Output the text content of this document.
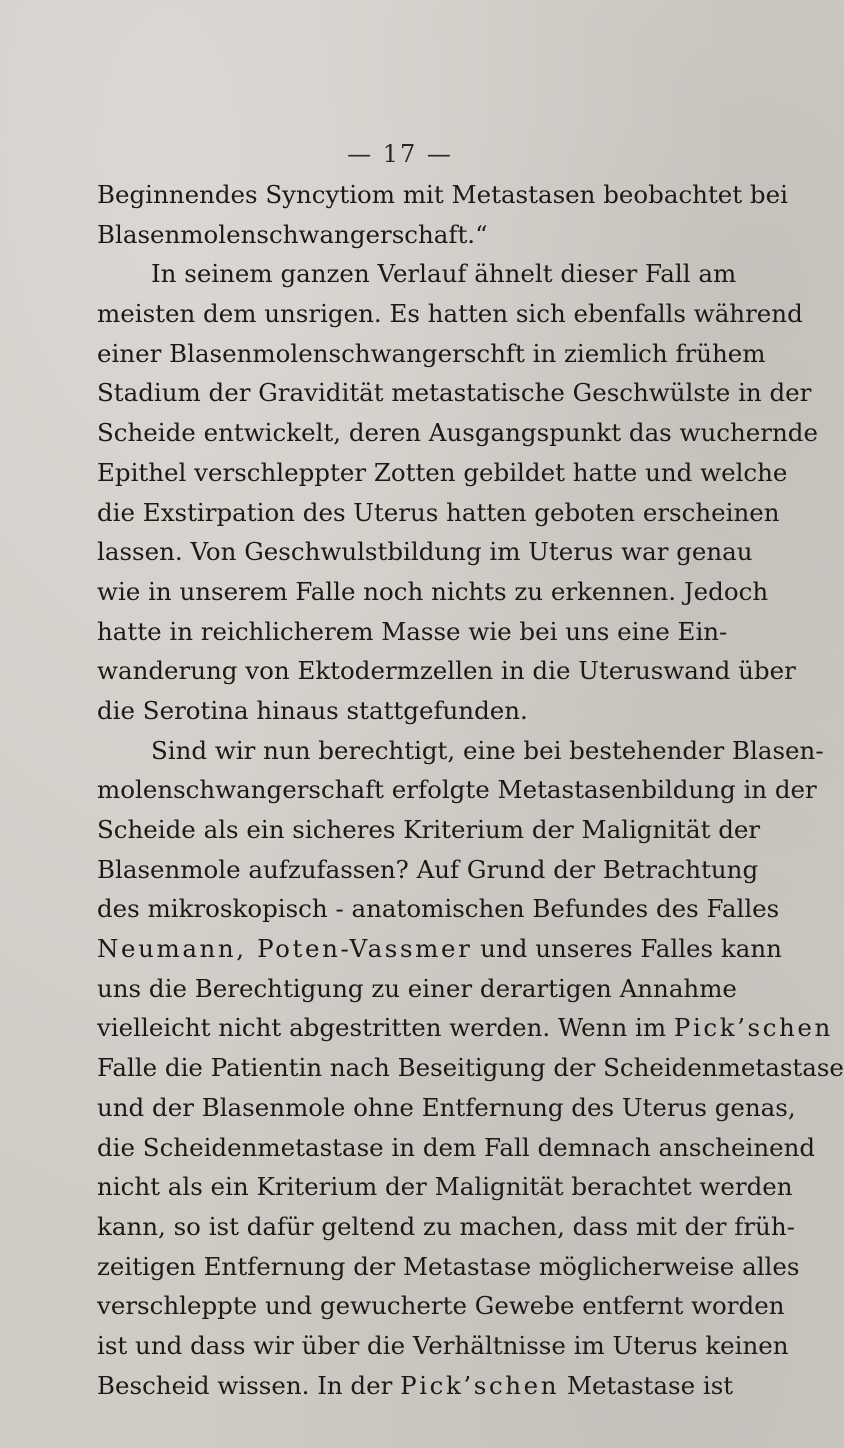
— 17 —
Beginnendes Syncytiom mit Metastasen beobachtet bei
Blasenmolenschwangerschaft.“
In seinem ganzen Verlauf ähnelt dieser Fall am
meisten dem unsrigen. Es hatten sich ebenfalls während
einer Blasenmolenschwangerschft in ziemlich frühem
Stadium der Gravidität metastatische Geschwülste in der
Scheide entwickelt, deren Ausgangspunkt das wuchernde
Epithel verschleppter Zotten gebildet hatte und welche
die Exstirpation des Uterus hatten geboten erscheinen
lassen. Von Geschwulstbildung im Uterus war genau
wie in unserem Falle noch nichts zu erkennen. Jedoch
hatte in reichlicherem Masse wie bei uns eine Ein-
wanderung von Ektodermzellen in die Uteruswand über
die Serotina hinaus stattgefunden.
Sind wir nun berechtigt, eine bei bestehender Blasen-
molenschwangerschaft erfolgte Metastasenbildung in der
Scheide als ein sicheres Kriterium der Malignität der
Blasenmole aufzufassen? Auf Grund der Betrachtung
des mikroskopisch - anatomischen Befundes des Falles
Neumann, Poten-Vassmer und unseres Falles kann
uns die Berechtigung zu einer derartigen Annahme
vielleicht nicht abgestritten werden. Wenn im Pick’schen
Falle die Patientin nach Beseitigung der Scheidenmetastase
und der Blasenmole ohne Entfernung des Uterus genas,
die Scheidenmetastase in dem Fall demnach anscheinend
nicht als ein Kriterium der Malignität berachtet werden
kann, so ist dafür geltend zu machen, dass mit der früh-
zeitigen Entfernung der Metastase möglicherweise alles
verschleppte und gewucherte Gewebe entfernt worden
ist und dass wir über die Verhältnisse im Uterus keinen
Bescheid wissen. In der Pick’schen Metastase ist
